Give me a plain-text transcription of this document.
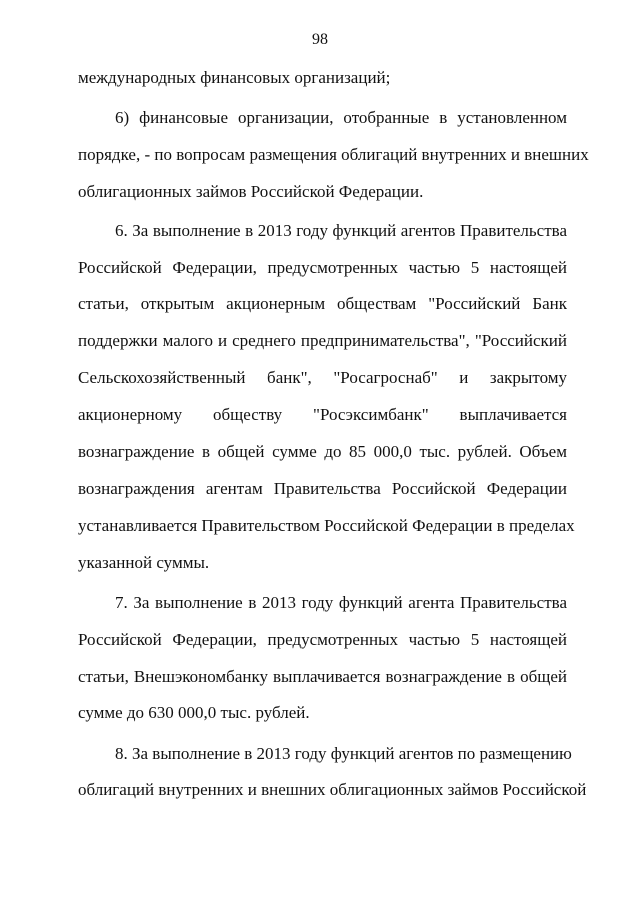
98
международных финансовых организаций;
6) финансовые организации, отобранные в установленном
порядке, - по вопросам размещения облигаций внутренних и внешних
облигационных займов Российской Федерации.
6. За выполнение в 2013 году функций агентов Правительства
Российской Федерации, предусмотренных частью 5 настоящей
статьи, открытым акционерным обществам "Российский Банк
поддержки малого и среднего предпринимательства", "Российский
Сельскохозяйственный банк", "Росагроснаб" и закрытому
акционерному обществу "Росэксимбанк" выплачивается
вознаграждение в общей сумме до 85 000,0 тыс. рублей. Объем
вознаграждения агентам Правительства Российской Федерации
устанавливается Правительством Российской Федерации в пределах
указанной суммы.
7. За выполнение в 2013 году функций агента Правительства
Российской Федерации, предусмотренных частью 5 настоящей
статьи, Внешэкономбанку выплачивается вознаграждение в общей
сумме до 630 000,0 тыс. рублей.
8. За выполнение в 2013 году функций агентов по размещению
облигаций внутренних и внешних облигационных займов Российской
